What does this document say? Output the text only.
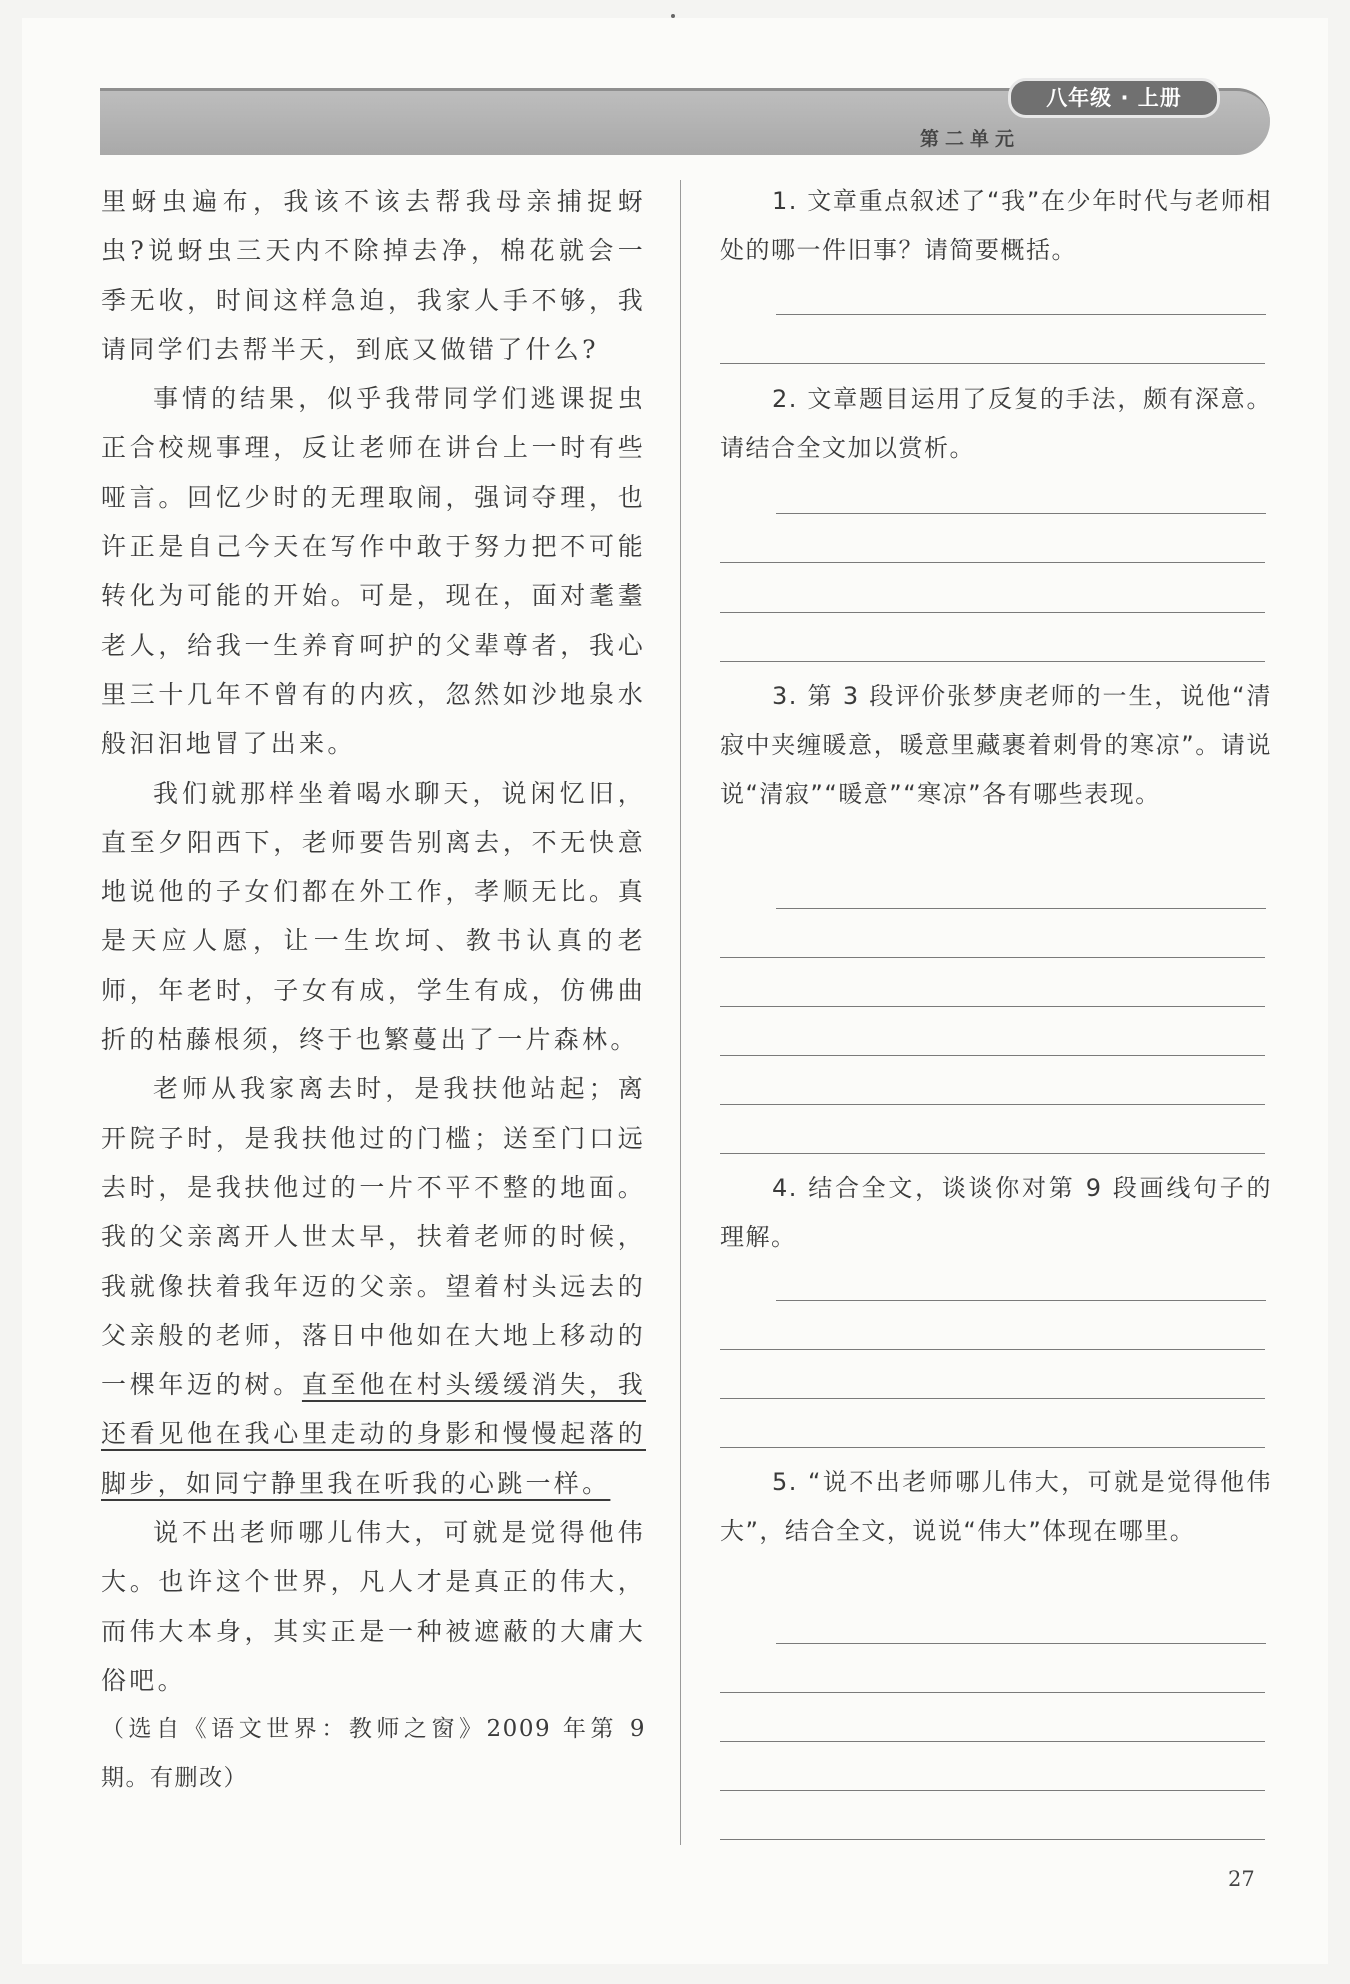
八年级 · 上册
第二单元

里蚜虫遍布，我该不该去帮我母亲捕捉蚜虫?说蚜虫三天内不除掉去净，棉花就会一季无收，时间这样急迫，我家人手不够，我请同学们去帮半天，到底又做错了什么?

事情的结果，似乎我带同学们逃课捉虫正合校规事理，反让老师在讲台上一时有些哑言。回忆少时的无理取闹，强词夺理，也许正是自己今天在写作中敢于努力把不可能转化为可能的开始。可是，现在，面对耄耋老人，给我一生养育呵护的父辈尊者，我心里三十几年不曾有的内疚，忽然如沙地泉水般汩汩地冒了出来。

我们就那样坐着喝水聊天，说闲忆旧，直至夕阳西下，老师要告别离去，不无快意地说他的子女们都在外工作，孝顺无比。真是天应人愿，让一生坎坷、教书认真的老师，年老时，子女有成，学生有成，仿佛曲折的枯藤根须，终于也繁蔓出了一片森林。

老师从我家离去时，是我扶他站起；离开院子时，是我扶他过的门槛；送至门口远去时，是我扶他过的一片不平不整的地面。我的父亲离开人世太早，扶着老师的时候，我就像扶着我年迈的父亲。望着村头远去的父亲般的老师，落日中他如在大地上移动的一棵年迈的树。直至他在村头缓缓消失，我还看见他在我心里走动的身影和慢慢起落的脚步，如同宁静里我在听我的心跳一样。

说不出老师哪儿伟大，可就是觉得他伟大。也许这个世界，凡人才是真正的伟大，而伟大本身，其实正是一种被遮蔽的大庸大俗吧。

（选自《语文世界：教师之窗》2009 年第 9 期。有删改）
1. 文章重点叙述了“我”在少年时代与老师相处的哪一件旧事？请简要概括。
2. 文章题目运用了反复的手法，颇有深意。请结合全文加以赏析。
3. 第 3 段评价张梦庚老师的一生，说他“清寂中夹缠暖意，暖意里藏裹着刺骨的寒凉”。请说说“清寂”“暖意”“寒凉”各有哪些表现。
4. 结合全文，谈谈你对第 9 段画线句子的理解。
5. “说不出老师哪儿伟大，可就是觉得他伟大”，结合全文，说说“伟大”体现在哪里。
27
